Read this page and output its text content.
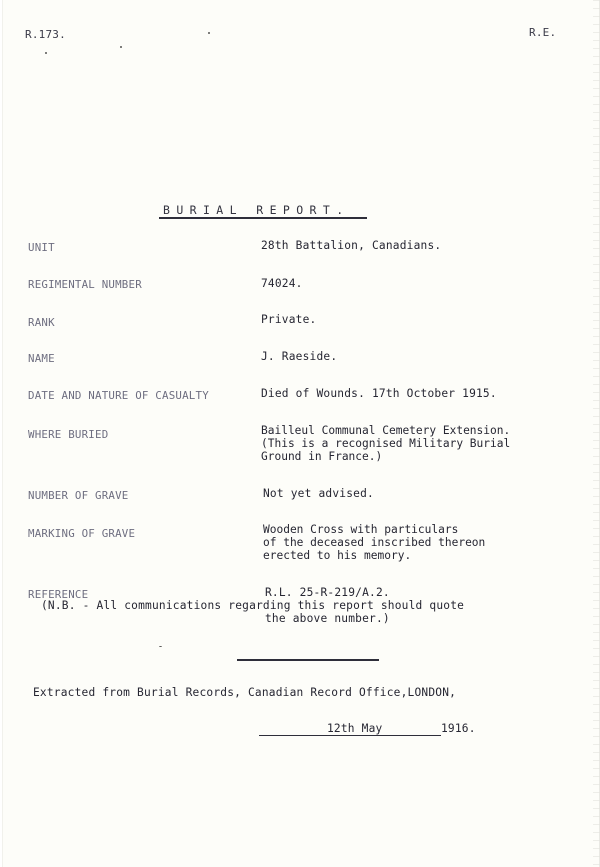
R.173.	R.E.
BURIAL REPORT.
UNIT	28th Battalion, Canadians.
REGIMENTAL NUMBER	74024.
RANK	Private.
NAME	J. Raeside.
DATE AND NATURE OF CASUALTY	Died of Wounds. 17th October 1915.
WHERE BURIED	Bailleul Communal Cemetery Extension.
(This is a recognised Military Burial
Ground in France.)
NUMBER OF GRAVE	Not yet advised.
MARKING OF GRAVE	Wooden Cross with particulars
of the deceased inscribed thereon
erected to his memory.
REFERENCE	R.L. 25-R-219/A.2.
(N.B. - All communications regarding this report should quote
the above number.)
Extracted from Burial Records, Canadian Record Office,LONDON,
12th May	1916.
